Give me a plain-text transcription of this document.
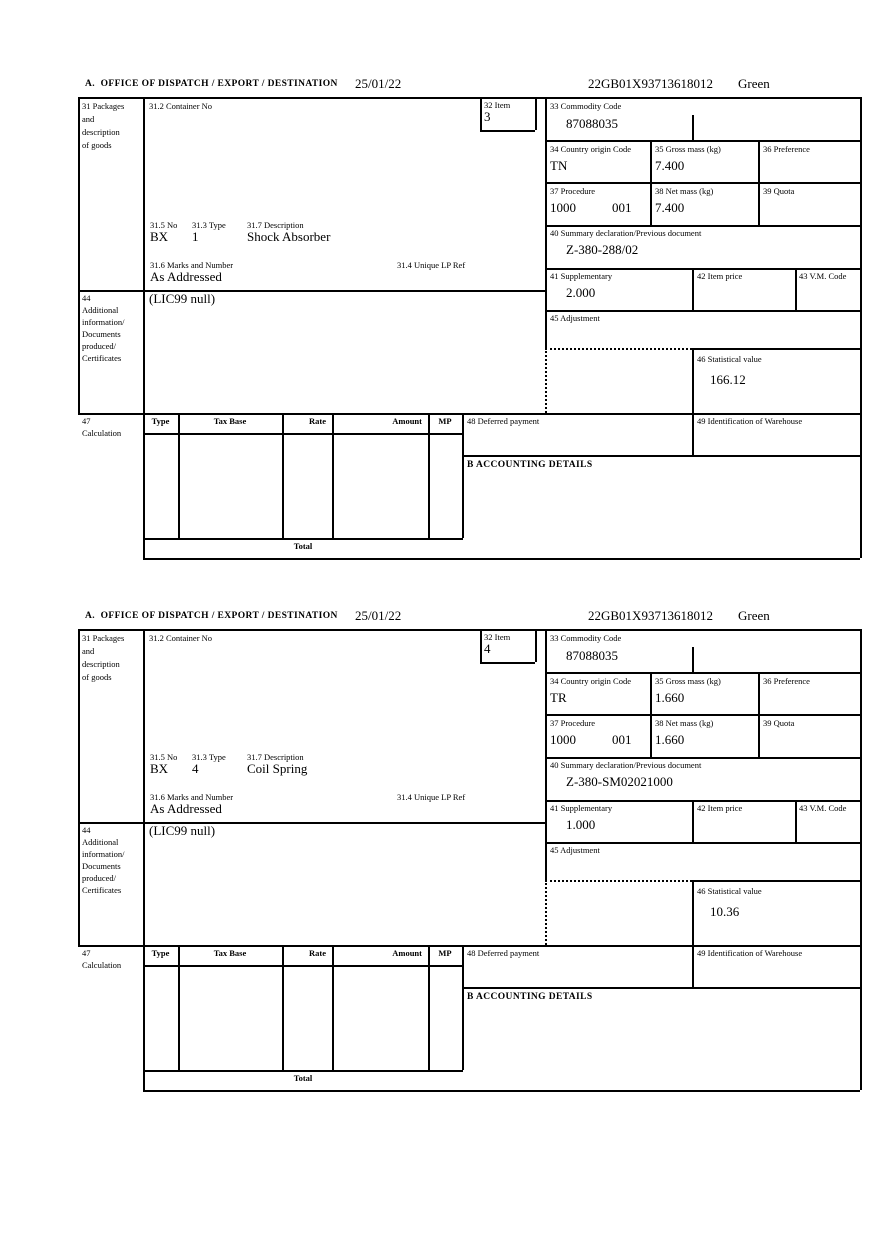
A.  OFFICE OF DISPATCH / EXPORT / DESTINATION 25/01/22	22GB01X93713618012 Green
31 Packages
and
description
of goods
31.2 Container No	32 Item
3
33 Commodity Code
87088035
34 Country origin Code
TN
35 Gross mass (kg)
7.400
36 Preference
37 Procedure
1000	001
38 Net mass (kg)
7.400
39 Quota
31.5 No 31.3 Type	31.7 Description
BX 1	Shock Absorber
31.6 Marks and Number	31.4 Unique LP Ref
As Addressed
40 Summary declaration/Previous document
Z-380-288/02
41 Supplementary
2.000
42 Item price	43 V.M. Code
45 Adjustment
46 Statistical value
166.12
44
Additional
information/
Documents
produced/
Certificates
(LIC99 null)
47
Calculation
Type	Tax Base	Rate	Amount	MP
Total
48 Deferred payment	49 Identification of Warehouse
B ACCOUNTING DETAILS
A.  OFFICE OF DISPATCH / EXPORT / DESTINATION 25/01/22	22GB01X93713618012 Green
31 Packages
and
description
of goods
31.2 Container No	32 Item
4
33 Commodity Code
87088035
34 Country origin Code
TR
35 Gross mass (kg)
1.660
36 Preference
37 Procedure
1000	001
38 Net mass (kg)
1.660
39 Quota
31.5 No 31.3 Type	31.7 Description
BX 4	Coil Spring
31.6 Marks and Number	31.4 Unique LP Ref
As Addressed
40 Summary declaration/Previous document
Z-380-SM02021000
41 Supplementary
1.000
42 Item price	43 V.M. Code
45 Adjustment
46 Statistical value
10.36
44
Additional
information/
Documents
produced/
Certificates
(LIC99 null)
47
Calculation
Type	Tax Base	Rate	Amount	MP
Total
48 Deferred payment	49 Identification of Warehouse
B ACCOUNTING DETAILS
